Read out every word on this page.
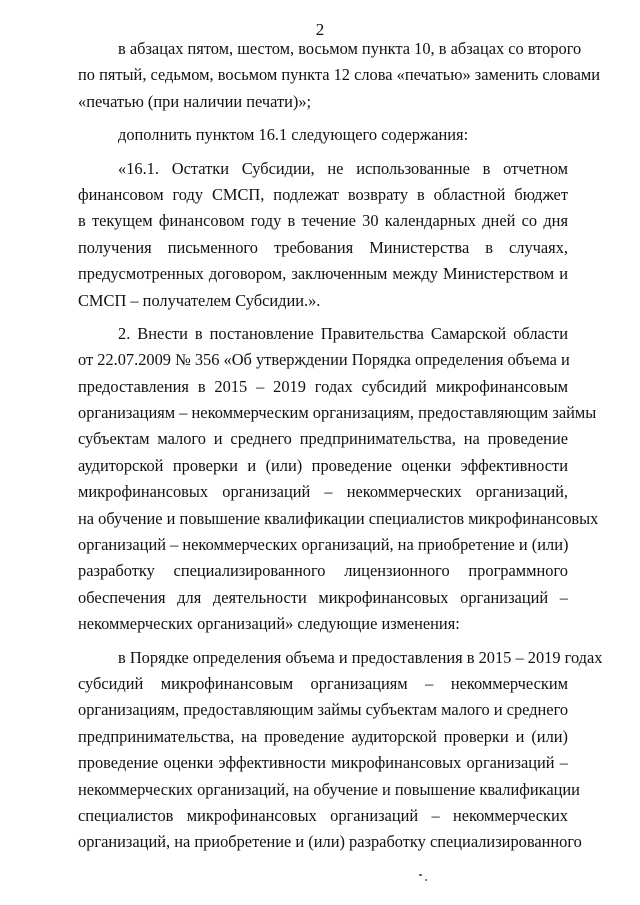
2
в абзацах пятом, шестом, восьмом пункта 10, в абзацах со второго
по пятый, седьмом, восьмом пункта 12 слова «печатью» заменить словами
«печатью (при наличии печати)»;
дополнить пунктом 16.1 следующего содержания:
«16.1. Остатки Субсидии, не использованные в отчетном
финансовом году СМСП, подлежат возврату в областной бюджет
в текущем финансовом году в течение 30 календарных дней со дня
получения письменного требования Министерства в случаях,
предусмотренных договором, заключенным между Министерством и
СМСП – получателем Субсидии.».
2. Внести в постановление Правительства Самарской области
от 22.07.2009 № 356 «Об утверждении Порядка определения объема и
предоставления в 2015 – 2019 годах субсидий микрофинансовым
организациям – некоммерческим организациям, предоставляющим займы
субъектам малого и среднего предпринимательства, на проведение
аудиторской проверки и (или) проведение оценки эффективности
микрофинансовых организаций – некоммерческих организаций,
на обучение и повышение квалификации специалистов микрофинансовых
организаций – некоммерческих организаций, на приобретение и (или)
разработку специализированного лицензионного программного
обеспечения для деятельности микрофинансовых организаций –
некоммерческих организаций» следующие изменения:
в Порядке определения объема и предоставления в 2015 – 2019 годах
субсидий микрофинансовым организациям – некоммерческим
организациям, предоставляющим займы субъектам малого и среднего
предпринимательства, на проведение аудиторской проверки и (или)
проведение оценки эффективности микрофинансовых организаций –
некоммерческих организаций, на обучение и повышение квалификации
специалистов микрофинансовых организаций – некоммерческих
организаций, на приобретение и (или) разработку специализированного
